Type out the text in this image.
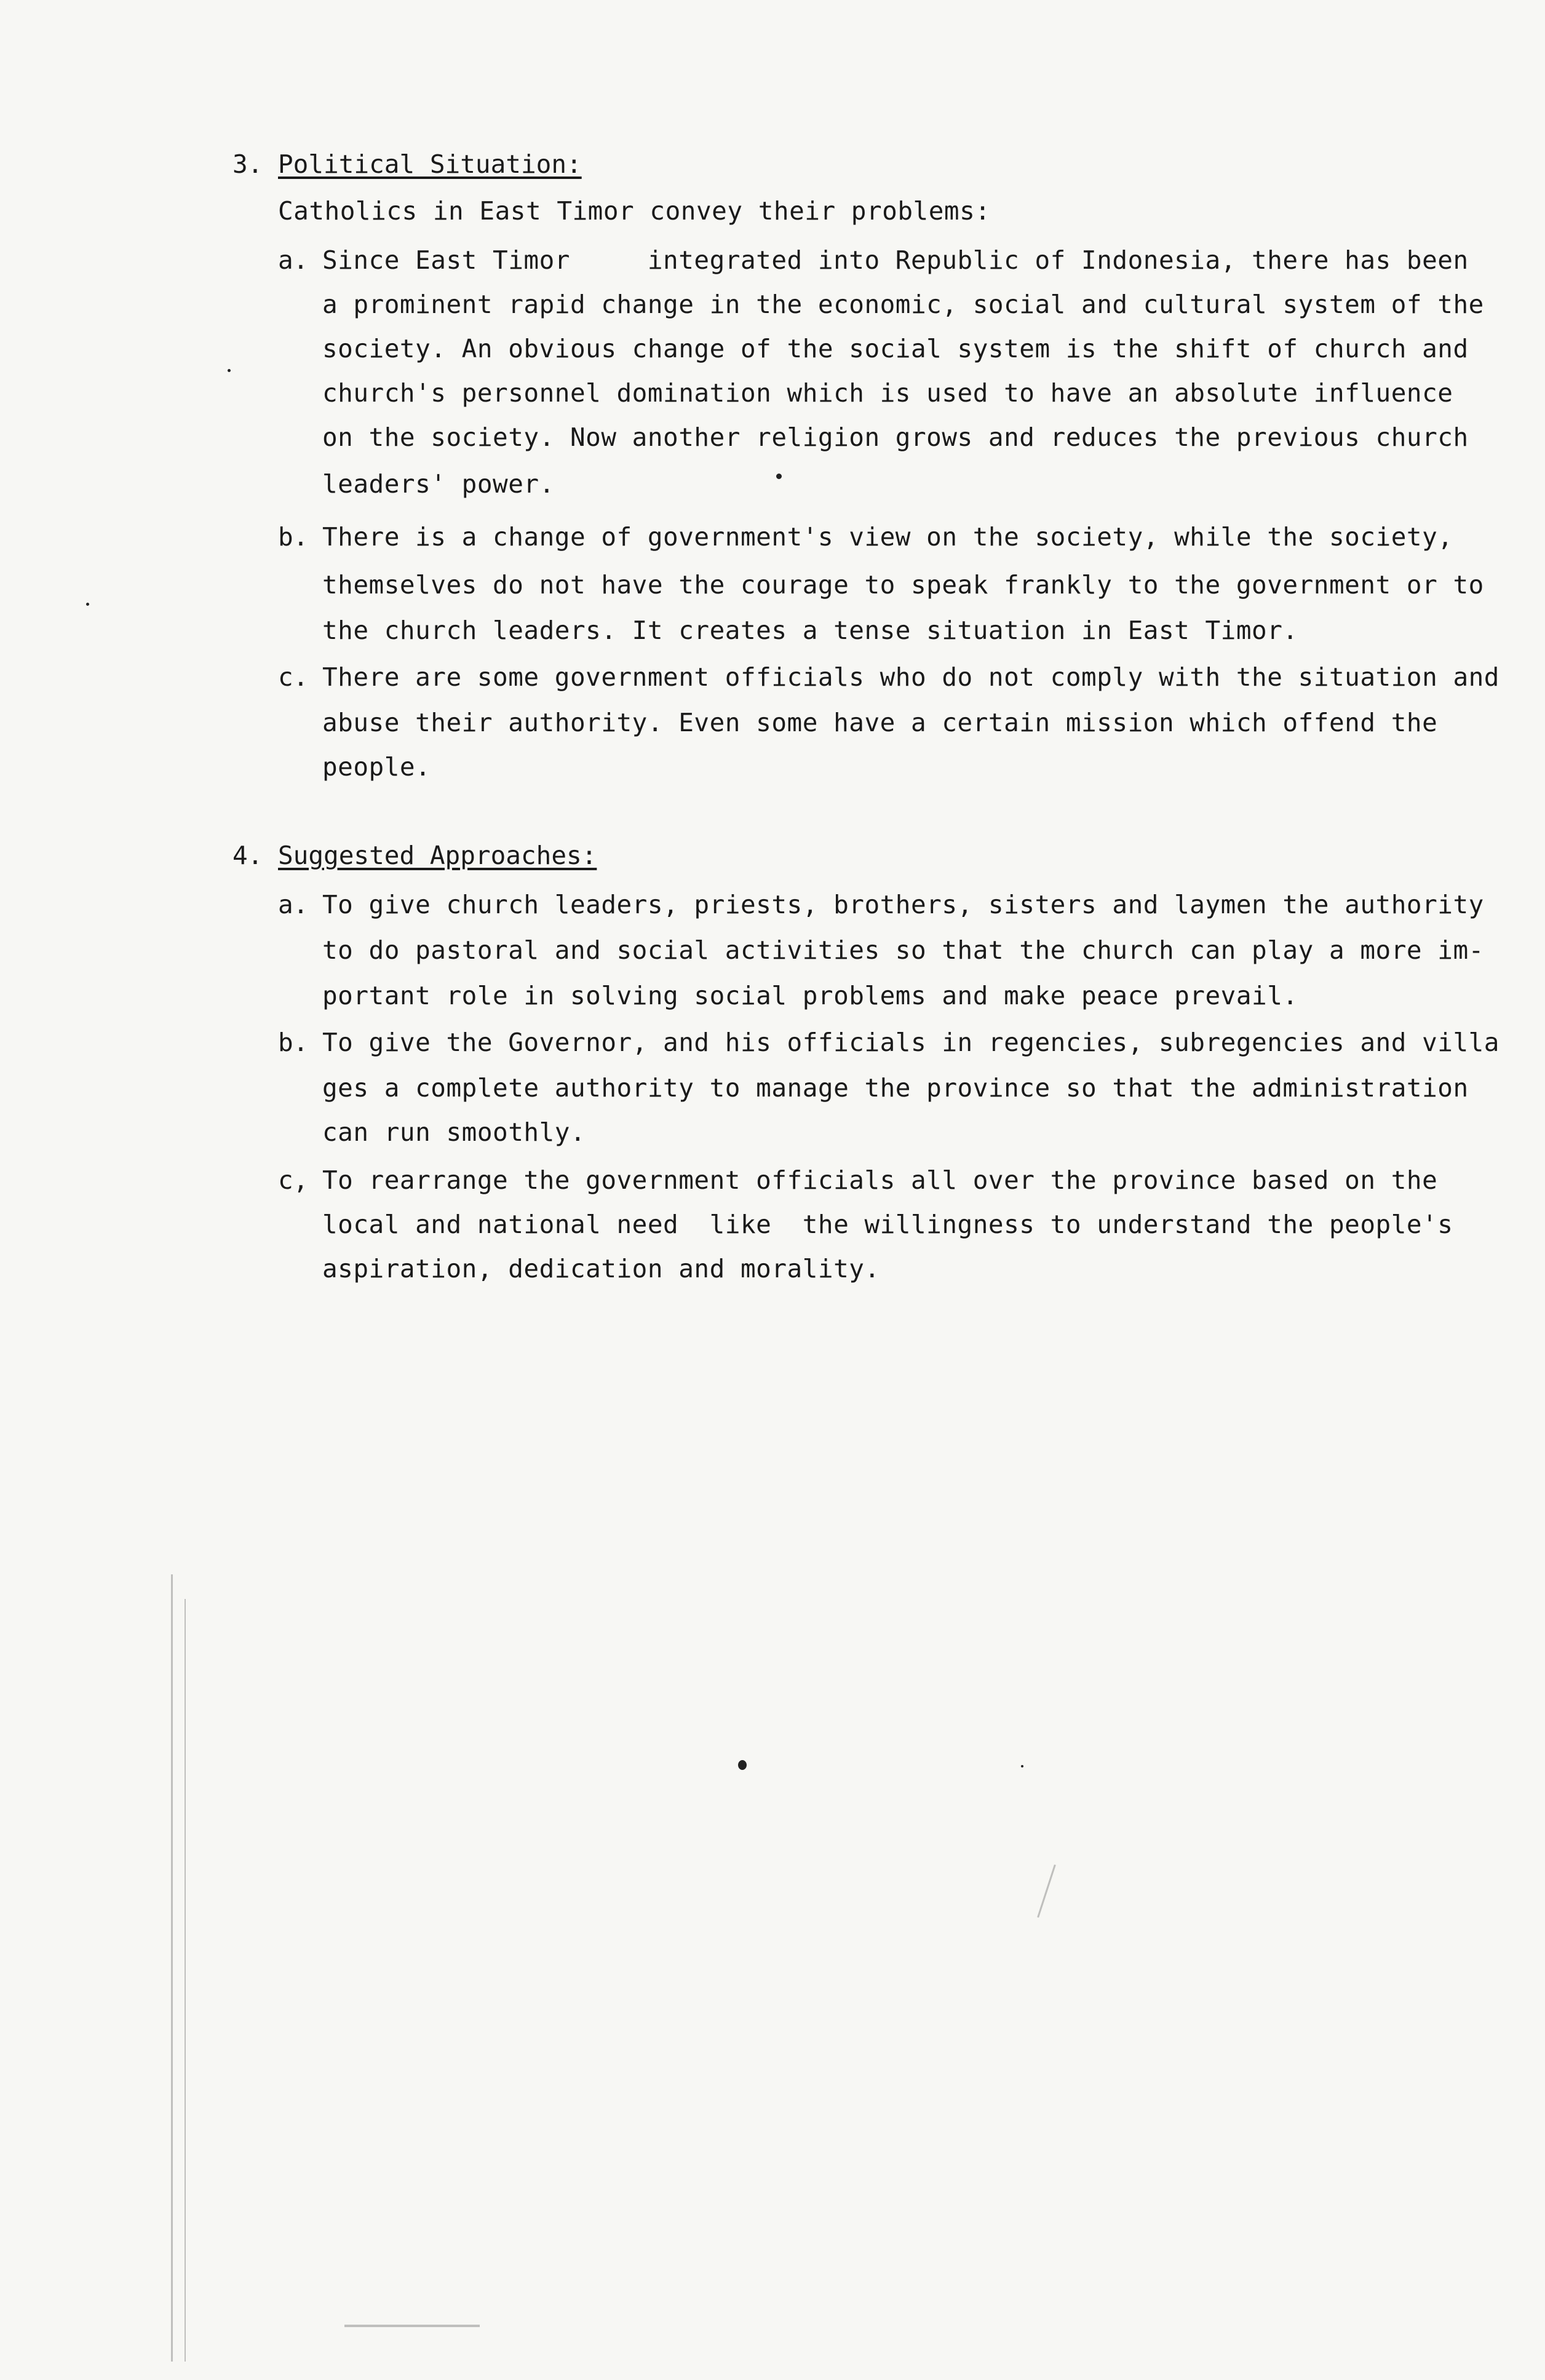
3. Political Situation:
Catholics in East Timor convey their problems:
a. Since East Timor     integrated into Republic of Indonesia, there has been
a prominent rapid change in the economic, social and cultural system of the
society. An obvious change of the social system is the shift of church and
church's personnel domination which is used to have an absolute influence
on the society. Now another religion grows and reduces the previous church
leaders' power.
b. There is a change of government's view on the society, while the society,
themselves do not have the courage to speak frankly to the government or to
the church leaders. It creates a tense situation in East Timor.
c. There are some government officials who do not comply with the situation and
abuse their authority. Even some have a certain mission which offend the
people.
4. Suggested Approaches:
a. To give church leaders, priests, brothers, sisters and laymen the authority
to do pastoral and social activities so that the church can play a more im-
portant role in solving social problems and make peace prevail.
b. To give the Governor, and his officials in regencies, subregencies and villa
ges a complete authority to manage the province so that the administration
can run smoothly.
c, To rearrange the government officials all over the province based on the
local and national need  like  the willingness to understand the people's
aspiration, dedication and morality.
